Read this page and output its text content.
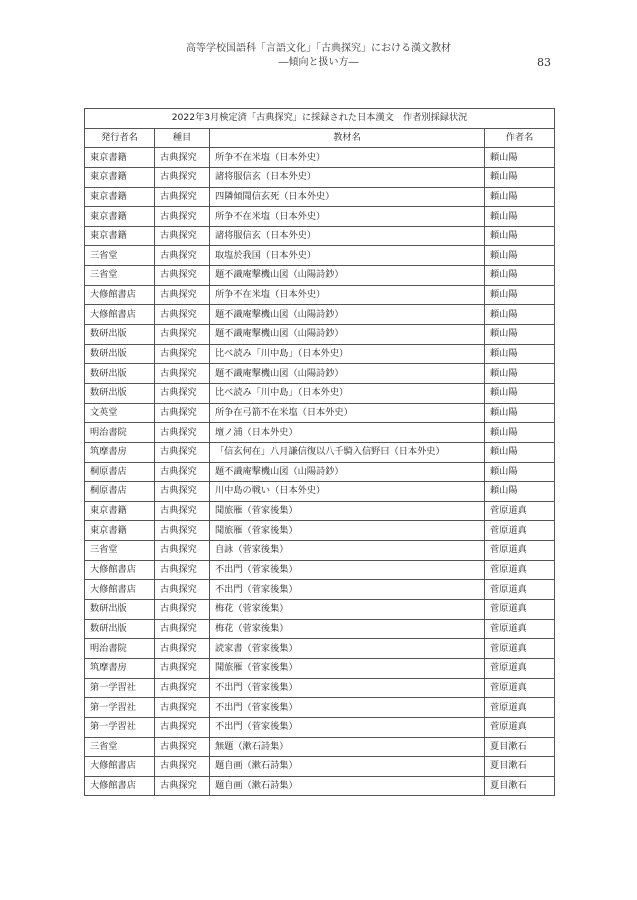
高等学校国語科「言語文化」「古典探究」における漢文教材
―傾向と扱い方―	83
2022年3月検定済「古典探究」に採録された日本漢文　作者別採録状況			
発行者名	種目	教材名	作者名
東京書籍	古典探究	所争不在米塩（日本外史）	頼山陽
東京書籍	古典探究	諸将服信玄（日本外史）	頼山陽
東京書籍	古典探究	四隣傾聞信玄死（日本外史）	頼山陽
東京書籍	古典探究	所争不在米塩（日本外史）	頼山陽
東京書籍	古典探究	諸将服信玄（日本外史）	頼山陽
三省堂	古典探究	取塩於我国（日本外史）	頼山陽
三省堂	古典探究	題不識庵撃機山図（山陽詩鈔）	頼山陽
大修館書店	古典探究	所争不在米塩（日本外史）	頼山陽
大修館書店	古典探究	題不識庵撃機山図（山陽詩鈔）	頼山陽
数研出版	古典探究	題不識庵撃機山図（山陽詩鈔）	頼山陽
数研出版	古典探究	比べ読み「川中島」（日本外史）	頼山陽
数研出版	古典探究	題不識庵撃機山図（山陽詩鈔）	頼山陽
数研出版	古典探究	比べ読み「川中島」（日本外史）	頼山陽
文英堂	古典探究	所争在弓箭不在米塩（日本外史）	頼山陽
明治書院	古典探究	壇ノ浦（日本外史）	頼山陽
筑摩書房	古典探究	「信玄何在」八月謙信復以八千騎入信野曰（日本外史）	頼山陽
桐原書店	古典探究	題不識庵撃機山図（山陽詩鈔）	頼山陽
桐原書店	古典探究	川中島の戦い（日本外史）	頼山陽
東京書籍	古典探究	聞旅雁（菅家後集）	菅原道真
東京書籍	古典探究	聞旅雁（菅家後集）	菅原道真
三省堂	古典探究	自詠（菅家後集）	菅原道真
大修館書店	古典探究	不出門（菅家後集）	菅原道真
大修館書店	古典探究	不出門（菅家後集）	菅原道真
数研出版	古典探究	梅花（菅家後集）	菅原道真
数研出版	古典探究	梅花（菅家後集）	菅原道真
明治書院	古典探究	読家書（菅家後集）	菅原道真
筑摩書房	古典探究	聞旅雁（菅家後集）	菅原道真
第一学習社	古典探究	不出門（菅家後集）	菅原道真
第一学習社	古典探究	不出門（菅家後集）	菅原道真
第一学習社	古典探究	不出門（菅家後集）	菅原道真
三省堂	古典探究	無題（漱石詩集）	夏目漱石
大修館書店	古典探究	題自画（漱石詩集）	夏目漱石
大修館書店	古典探究	題自画（漱石詩集）	夏目漱石
